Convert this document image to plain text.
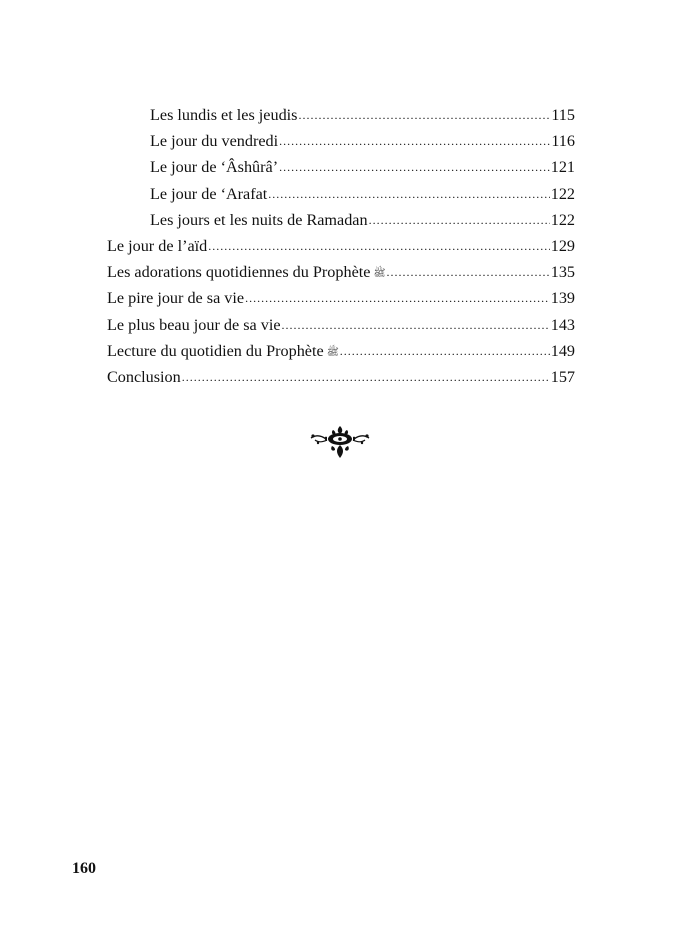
Les lundis et les jeudis .....	115
Le jour du vendredi .....	116
Le jour de ‘Âshûrâ’ .....	121
Le jour de ‘Arafat .....	122
Les jours et les nuits de Ramadan .....	122
Le jour de l’aïd .....	129
Les adorations quotidiennes du Prophète ﷺ .....	135
Le pire jour de sa vie .....	139
Le plus beau jour de sa vie .....	143
Lecture du quotidien du Prophète ﷺ .....	149
Conclusion .....	157
160
